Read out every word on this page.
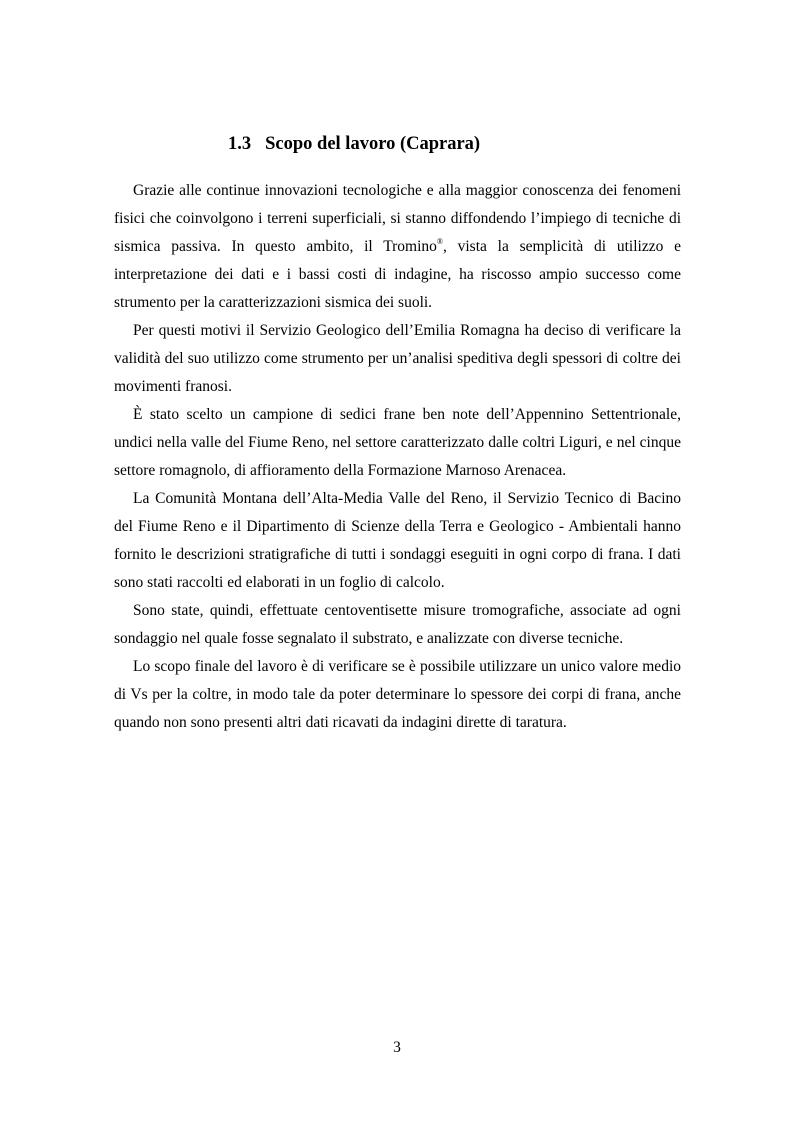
1.3 Scopo del lavoro (Caprara)

Grazie alle continue innovazioni tecnologiche e alla maggior conoscenza dei fenomeni fisici che coinvolgono i terreni superficiali, si stanno diffondendo l’impiego di tecniche di sismica passiva. In questo ambito, il Tromino®, vista la semplicità di utilizzo e interpretazione dei dati e i bassi costi di indagine, ha riscosso ampio successo come strumento per la caratterizzazioni sismica dei suoli.

Per questi motivi il Servizio Geologico dell’Emilia Romagna ha deciso di verificare la validità del suo utilizzo come strumento per un’analisi speditiva degli spessori di coltre dei movimenti franosi.

È stato scelto un campione di sedici frane ben note dell’Appennino Settentrionale, undici nella valle del Fiume Reno, nel settore caratterizzato dalle coltri Liguri, e nel cinque settore romagnolo, di affioramento della Formazione Marnoso Arenacea.

La Comunità Montana dell’Alta-Media Valle del Reno, il Servizio Tecnico di Bacino del Fiume Reno e il Dipartimento di Scienze della Terra e Geologico - Ambientali hanno fornito le descrizioni stratigrafiche di tutti i sondaggi eseguiti in ogni corpo di frana. I dati sono stati raccolti ed elaborati in un foglio di calcolo.

Sono state, quindi, effettuate centoventisette misure tromografiche, associate ad ogni sondaggio nel quale fosse segnalato il substrato, e analizzate con diverse tecniche.

Lo scopo finale del lavoro è di verificare se è possibile utilizzare un unico valore medio di Vs per la coltre, in modo tale da poter determinare lo spessore dei corpi di frana, anche quando non sono presenti altri dati ricavati da indagini dirette di taratura.

3
